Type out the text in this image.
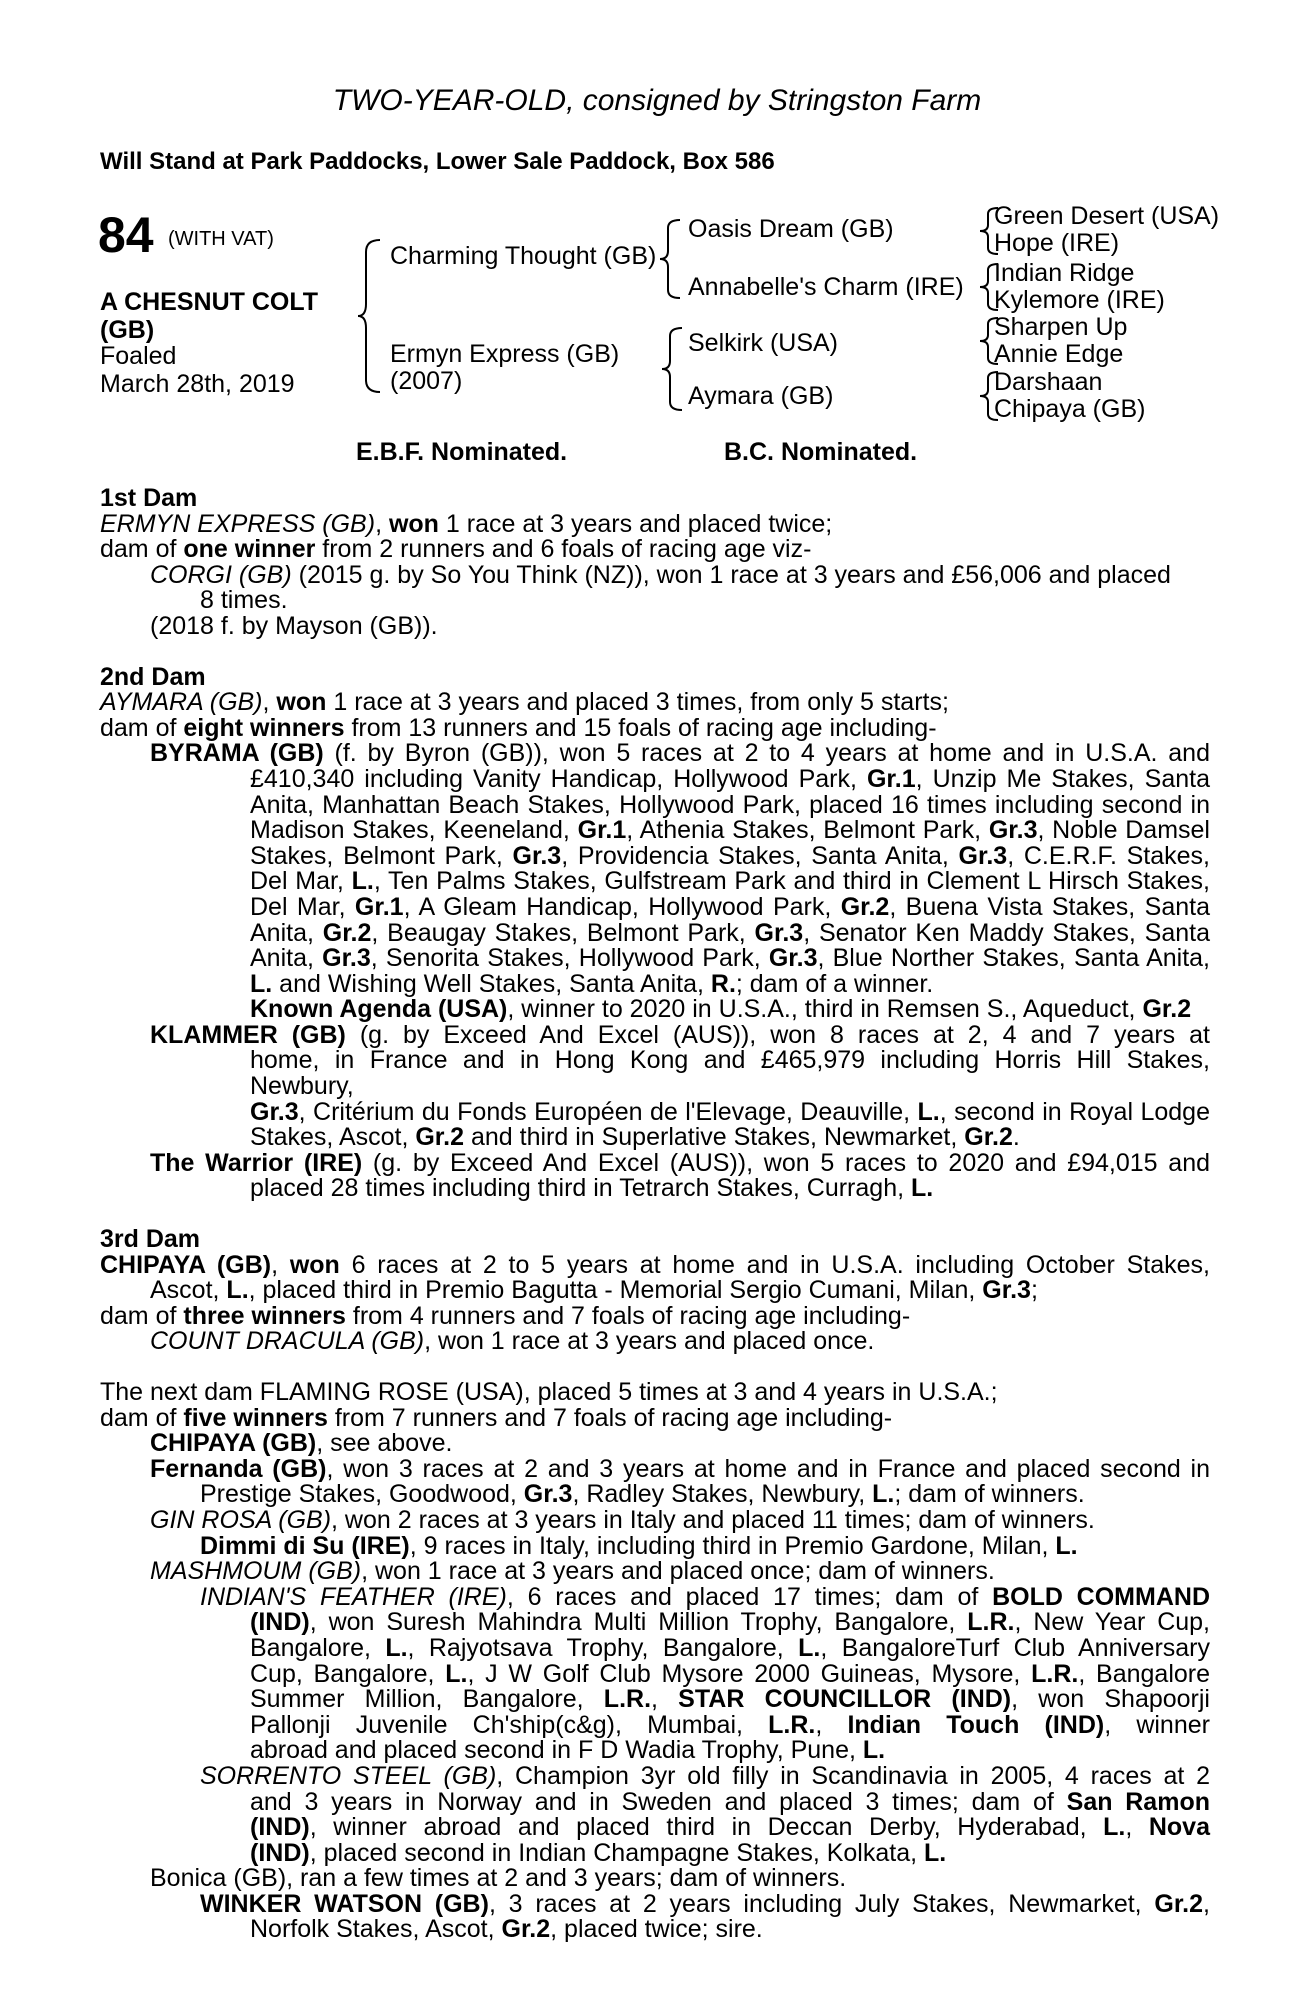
TWO-YEAR-OLD, consigned by Stringston Farm
Will Stand at Park Paddocks, Lower Sale Paddock, Box 586
84 (WITH VAT)
A CHESNUT COLT
(GB)
Foaled
March 28th, 2019
Charming Thought (GB)
Ermyn Express (GB)
(2007)
Oasis Dream (GB)
Annabelle's Charm (IRE)
Selkirk (USA)
Aymara (GB)
Green Desert (USA)
Hope (IRE)
Indian Ridge
Kylemore (IRE)
Sharpen Up
Annie Edge
Darshaan
Chipaya (GB)
E.B.F. Nominated.	B.C. Nominated.
1st Dam
ERMYN EXPRESS (GB), won 1 race at 3 years and placed twice;
dam of one winner from 2 runners and 6 foals of racing age viz-
CORGI (GB) (2015 g. by So You Think (NZ)), won 1 race at 3 years and £56,006 and placed
8 times.
(2018 f. by Mayson (GB)).
2nd Dam
AYMARA (GB), won 1 race at 3 years and placed 3 times, from only 5 starts;
dam of eight winners from 13 runners and 15 foals of racing age including-
BYRAMA (GB) (f. by Byron (GB)), won 5 races at 2 to 4 years at home and in U.S.A. and
£410,340 including Vanity Handicap, Hollywood Park, Gr.1, Unzip Me Stakes, Santa
Anita, Manhattan Beach Stakes, Hollywood Park, placed 16 times including second in
Madison Stakes, Keeneland, Gr.1, Athenia Stakes, Belmont Park, Gr.3, Noble Damsel
Stakes, Belmont Park, Gr.3, Providencia Stakes, Santa Anita, Gr.3, C.E.R.F. Stakes,
Del Mar, L., Ten Palms Stakes, Gulfstream Park and third in Clement L Hirsch Stakes,
Del Mar, Gr.1, A Gleam Handicap, Hollywood Park, Gr.2, Buena Vista Stakes, Santa
Anita, Gr.2, Beaugay Stakes, Belmont Park, Gr.3, Senator Ken Maddy Stakes, Santa
Anita, Gr.3, Senorita Stakes, Hollywood Park, Gr.3, Blue Norther Stakes, Santa Anita,
L. and Wishing Well Stakes, Santa Anita, R.; dam of a winner.
Known Agenda (USA), winner to 2020 in U.S.A., third in Remsen S., Aqueduct, Gr.2
KLAMMER (GB) (g. by Exceed And Excel (AUS)), won 8 races at 2, 4 and 7 years at
home, in France and in Hong Kong and £465,979 including Horris Hill Stakes, Newbury,
Gr.3, Critérium du Fonds Européen de l'Elevage, Deauville, L., second in Royal Lodge
Stakes, Ascot, Gr.2 and third in Superlative Stakes, Newmarket, Gr.2.
The Warrior (IRE) (g. by Exceed And Excel (AUS)), won 5 races to 2020 and £94,015 and
placed 28 times including third in Tetrarch Stakes, Curragh, L.
3rd Dam
CHIPAYA (GB), won 6 races at 2 to 5 years at home and in U.S.A. including October Stakes,
Ascot, L., placed third in Premio Bagutta - Memorial Sergio Cumani, Milan, Gr.3;
dam of three winners from 4 runners and 7 foals of racing age including-
COUNT DRACULA (GB), won 1 race at 3 years and placed once.
The next dam FLAMING ROSE (USA), placed 5 times at 3 and 4 years in U.S.A.;
dam of five winners from 7 runners and 7 foals of racing age including-
CHIPAYA (GB), see above.
Fernanda (GB), won 3 races at 2 and 3 years at home and in France and placed second in
Prestige Stakes, Goodwood, Gr.3, Radley Stakes, Newbury, L.; dam of winners.
GIN ROSA (GB), won 2 races at 3 years in Italy and placed 11 times; dam of winners.
Dimmi di Su (IRE), 9 races in Italy, including third in Premio Gardone, Milan, L.
MASHMOUM (GB), won 1 race at 3 years and placed once; dam of winners.
INDIAN'S FEATHER (IRE), 6 races and placed 17 times; dam of BOLD COMMAND
(IND), won Suresh Mahindra Multi Million Trophy, Bangalore, L.R., New Year Cup,
Bangalore, L., Rajyotsava Trophy, Bangalore, L., BangaloreTurf Club Anniversary
Cup, Bangalore, L., J W Golf Club Mysore 2000 Guineas, Mysore, L.R., Bangalore
Summer Million, Bangalore, L.R., STAR COUNCILLOR (IND), won Shapoorji
Pallonji Juvenile Ch'ship(c&g), Mumbai, L.R., Indian Touch (IND), winner
abroad and placed second in F D Wadia Trophy, Pune, L.
SORRENTO STEEL (GB), Champion 3yr old filly in Scandinavia in 2005, 4 races at 2
and 3 years in Norway and in Sweden and placed 3 times; dam of San Ramon
(IND), winner abroad and placed third in Deccan Derby, Hyderabad, L., Nova
(IND), placed second in Indian Champagne Stakes, Kolkata, L.
Bonica (GB), ran a few times at 2 and 3 years; dam of winners.
WINKER WATSON (GB), 3 races at 2 years including July Stakes, Newmarket, Gr.2,
Norfolk Stakes, Ascot, Gr.2, placed twice; sire.
